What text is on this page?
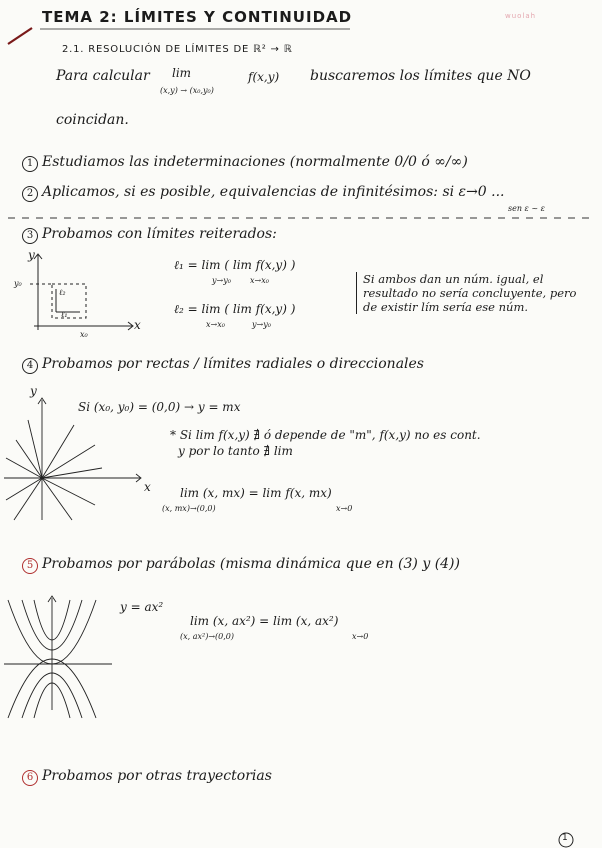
TEMA 2: LÍMITES Y CONTINUIDAD	wuolah
2.1. RESOLUCIÓN DE LÍMITES DE ℝ² → ℝ
Para calcular lim
(x,y) → (x₀,y₀)
f(x,y) buscaremos los límites que NO
coincidan.
1 Estudiamos las indeterminaciones (normalmente 0/0 ó ∞/∞)
2 Aplicamos, si es posible, equivalencias de infinitésimos: si ε→0 ...
sen ε ~ ε
3 Probamos con límites reiterados:
y
x
y₀
x₀
ℓ₂
ℓ₁
ℓ₁ = lim ( lim f(x,y) )
y→y₀ x→x₀
ℓ₂ = lim ( lim f(x,y) )
x→x₀	y→y₀
Si ambos dan un núm. igual, el resultado no sería concluyente, pero de existir lím sería ese núm.
4 Probamos por rectas / límites radiales o direccionales
y
x
Si (x₀, y₀) = (0,0) → y = mx
* Si lim f(x,y) ∄ ó depende de "m", f(x,y) no es cont.
y por lo tanto ∄ lim
lim (x, mx) = lim f(x, mx)
(x, mx)→(0,0)	x→0
5 Probamos por parábolas (misma dinámica que en (3) y (4))
y = ax²
lim (x, ax²) = lim (x, ax²)
(x, ax²)→(0,0)	x→0
6 Probamos por otras trayectorias
1
